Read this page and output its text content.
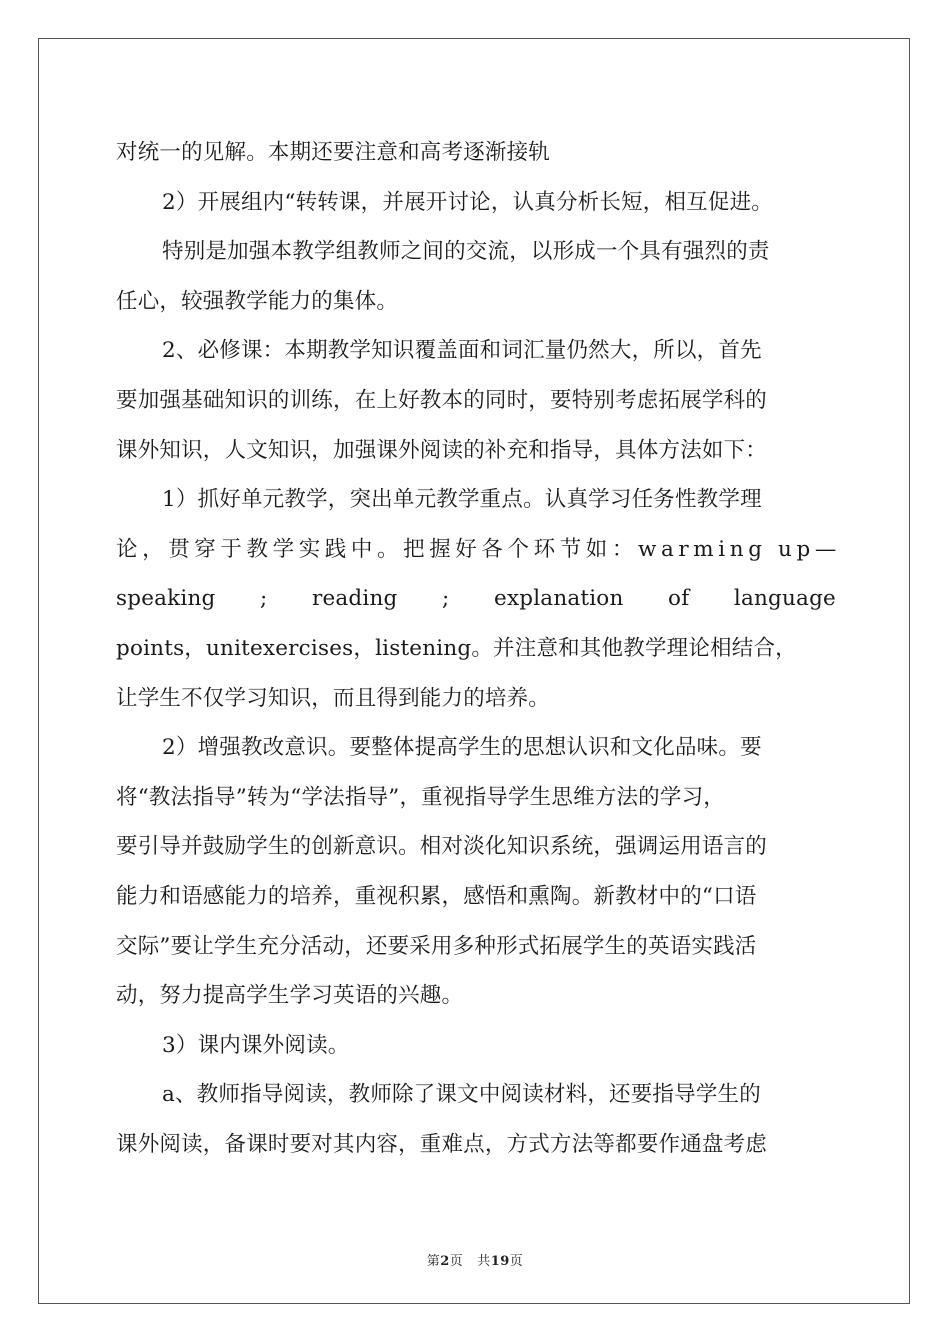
对统一的见解。本期还要注意和高考逐渐接轨
2）开展组内“转转课，并展开讨论，认真分析长短，相互促进。
特别是加强本教学组教师之间的交流，以形成一个具有强烈的责
任心，较强教学能力的集体。
2、必修课：本期教学知识覆盖面和词汇量仍然大，所以，首先
要加强基础知识的训练，在上好教本的同时，要特别考虑拓展学科的
课外知识，人文知识，加强课外阅读的补充和指导，具体方法如下：
1）抓好单元教学，突出单元教学重点。认真学习任务性教学理
论，贯穿于教学实践中。把握好各个环节如：warming up—
speaking ; reading ; explanation of language
points，unitexercises，listening。并注意和其他教学理论相结合，
让学生不仅学习知识，而且得到能力的培养。
2）增强教改意识。要整体提高学生的思想认识和文化品味。要
将“教法指导”转为“学法指导”，重视指导学生思维方法的学习，
要引导并鼓励学生的创新意识。相对淡化知识系统，强调运用语言的
能力和语感能力的培养，重视积累，感悟和熏陶。新教材中的“口语
交际”要让学生充分活动，还要采用多种形式拓展学生的英语实践活
动，努力提高学生学习英语的兴趣。
3）课内课外阅读。
a、教师指导阅读，教师除了课文中阅读材料，还要指导学生的
课外阅读，备课时要对其内容，重难点，方式方法等都要作通盘考虑
第2页 共19页
